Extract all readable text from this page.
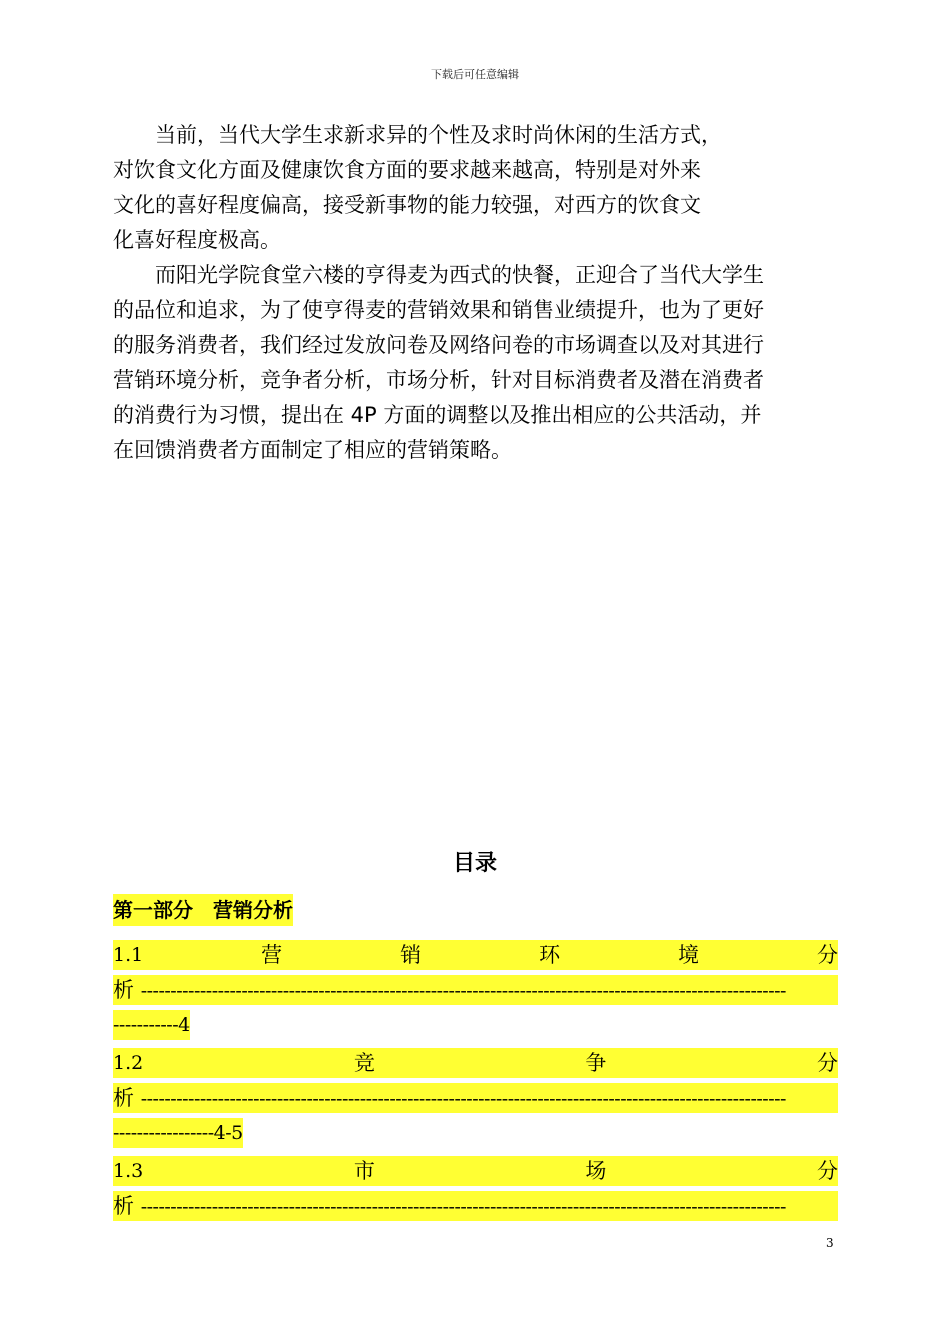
下载后可任意编辑
　　当前，当代大学生求新求异的个性及求时尚休闲的生活方式，
对饮食文化方面及健康饮食方面的要求越来越高，特别是对外来
文化的喜好程度偏高，接受新事物的能力较强，对西方的饮食文
化喜好程度极高。
　　而阳光学院食堂六楼的亨得麦为西式的快餐，正迎合了当代大学生
的品位和追求，为了使亨得麦的营销效果和销售业绩提升，也为了更好
的服务消费者，我们经过发放问卷及网络问卷的市场调查以及对其进行
营销环境分析，竞争者分析，市场分析，针对目标消费者及潜在消费者
的消费行为习惯，提出在 4P 方面的调整以及推出相应的公共活动，并
在回馈消费者方面制定了相应的营销策略。
目录
第一部分　营销分析
1.1	营	销	环	境	分
析 -------------------------------------------------------------------------------------------------------------
-----------4
1.2	竞	争	分
析 -------------------------------------------------------------------------------------------------------------
-----------------4-5
1.3	市	场	分
析 -------------------------------------------------------------------------------------------------------------
3
